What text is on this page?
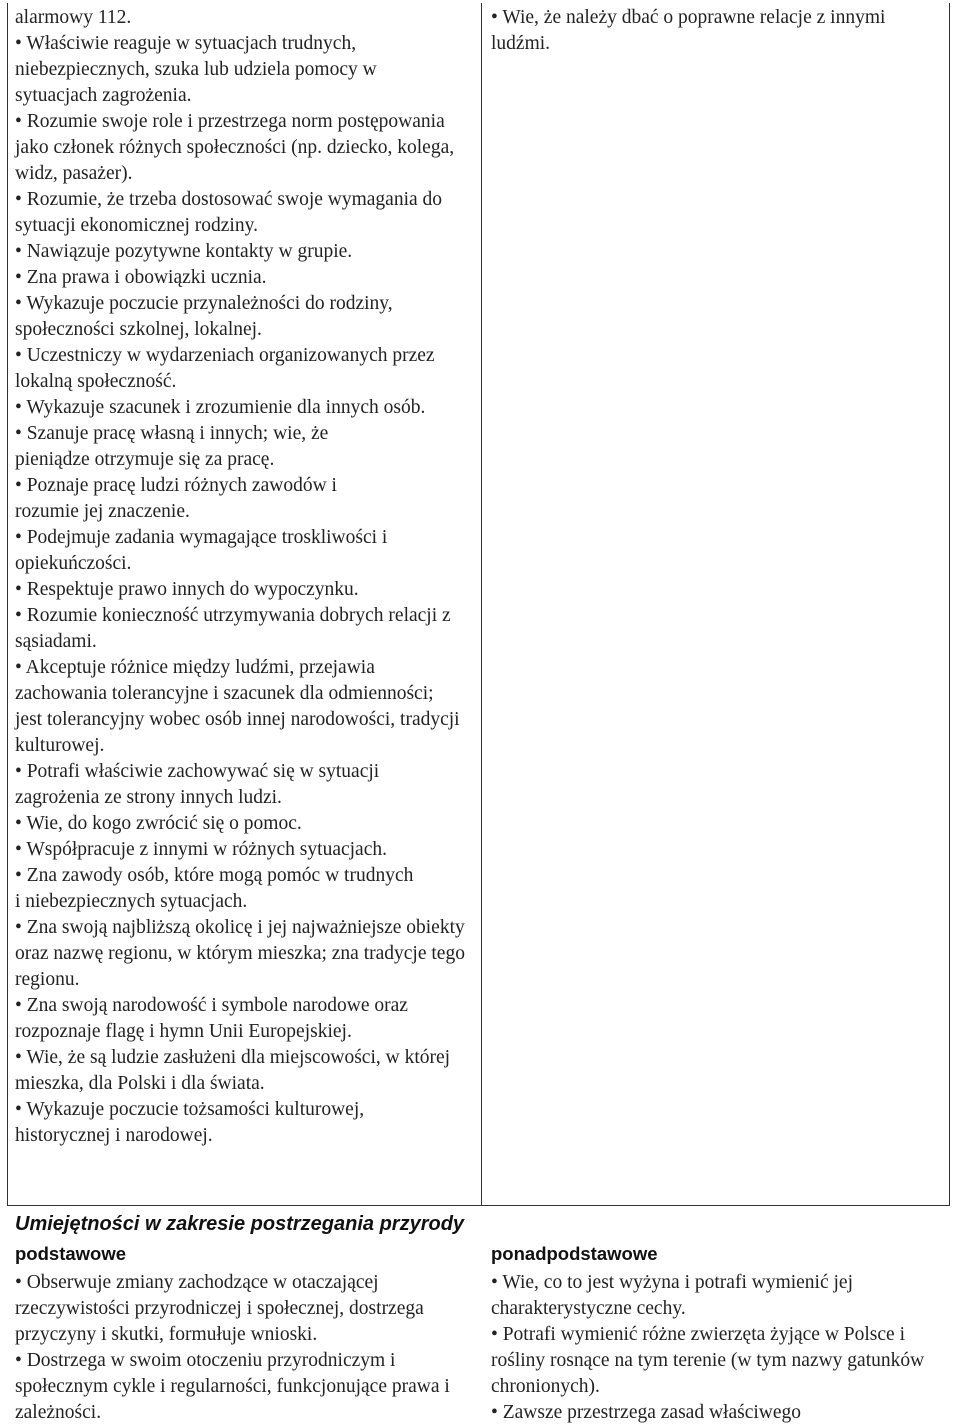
alarmowy 112.

• Właściwie reaguje w sytuacjach trudnych, niebezpiecznych, szuka lub udziela pomocy w sytuacjach zagrożenia.

• Rozumie swoje role i przestrzega norm postępowania jako członek różnych społeczności (np. dziecko, kolega, widz, pasażer).

• Rozumie, że trzeba dostosować swoje wymagania do sytuacji ekonomicznej rodziny.

• Nawiązuje pozytywne kontakty w grupie.

• Zna prawa i obowiązki ucznia.

• Wykazuje poczucie przynależności do rodziny, społeczności szkolnej, lokalnej.

• Uczestniczy w wydarzeniach organizowanych przez lokalną społeczność.

• Wykazuje szacunek i zrozumienie dla innych osób.

• Szanuje pracę własną i innych; wie, że pieniądze otrzymuje się za pracę.

• Poznaje pracę ludzi różnych zawodów i rozumie jej znaczenie.

• Podejmuje zadania wymagające troskliwości i opiekuńczości.

• Respektuje prawo innych do wypoczynku.

• Rozumie konieczność utrzymywania dobrych relacji z sąsiadami.

• Akceptuje różnice między ludźmi, przejawia zachowania tolerancyjne i szacunek dla odmienności; jest tolerancyjny wobec osób innej narodowości, tradycji kulturowej.

• Potrafi właściwie zachowywać się w sytuacji zagrożenia ze strony innych ludzi.

• Wie, do kogo zwrócić się o pomoc.

• Współpracuje z innymi w różnych sytuacjach.

• Zna zawody osób, które mogą pomóc w trudnych i niebezpiecznych sytuacjach.

• Zna swoją najbliższą okolicę i jej najważniejsze obiekty oraz nazwę regionu, w którym mieszka; zna tradycje tego regionu.

• Zna swoją narodowość i symbole narodowe oraz rozpoznaje flagę i hymn Unii Europejskiej.

• Wie, że są ludzie zasłużeni dla miejscowości, w której mieszka, dla Polski i dla świata.

• Wykazuje poczucie tożsamości kulturowej, historycznej i narodowej.

• Wie, że należy dbać o poprawne relacje z innymi ludźmi.

Umiejętności w zakresie postrzegania przyrody
podstawowe	ponadpodstawowe

• Obserwuje zmiany zachodzące w otaczającej rzeczywistości przyrodniczej i społecznej, dostrzega przyczyny i skutki, formułuje wnioski.

• Dostrzega w swoim otoczeniu przyrodniczym i społecznym cykle i regularności, funkcjonujące prawa i zależności.

• Wie, co to jest wyżyna i potrafi wymienić jej charakterystyczne cechy.

• Potrafi wymienić różne zwierzęta żyjące w Polsce i rośliny rosnące na tym terenie (w tym nazwy gatunków chronionych).

• Zawsze przestrzega zasad właściwego
